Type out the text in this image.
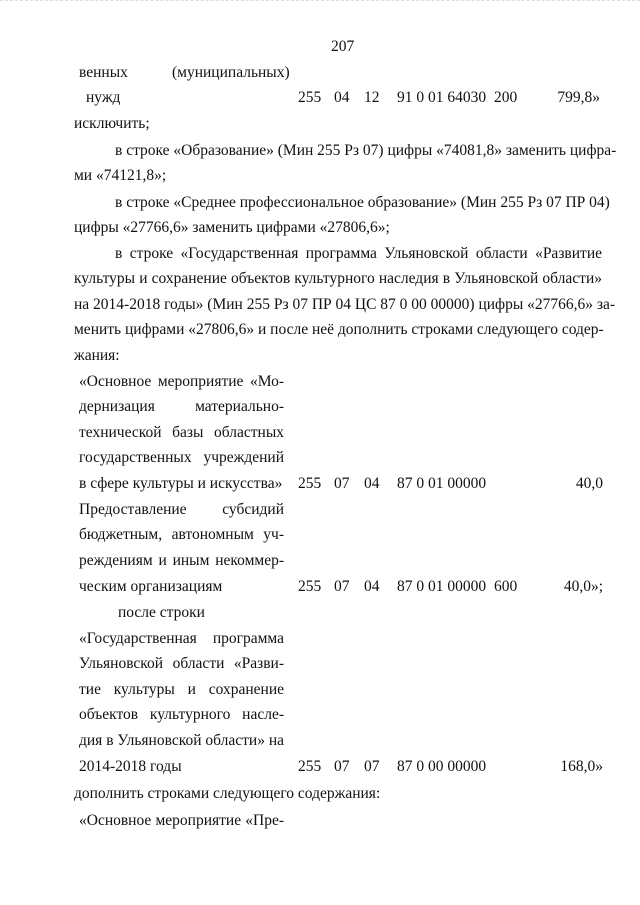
207
венных	(муниципальных)
нужд	255 04 12 91 0 01 64030 200	799,8»
исключить;
в строке «Образование» (Мин 255 Рз 07) цифры «74081,8» заменить цифра-
ми «74121,8»;
в строке «Среднее профессиональное образование» (Мин 255 Рз 07 ПР 04)
цифры «27766,6» заменить цифрами «27806,6»;
в строке «Государственная программа Ульяновской области «Развитие
культуры и сохранение объектов культурного наследия в Ульяновской области»
на 2014-2018 годы» (Мин 255 Рз 07 ПР 04 ЦС 87 0 00 00000) цифры «27766,6» за-
менить цифрами «27806,6» и после неё дополнить строками следующего содер-
жания:
«Основное мероприятие «Мо-
дернизация материально-
технической базы областных
государственных учреждений
в сфере культуры и искусства» 255 07 04 87 0 01 00000	40,0
Предоставление субсидий
бюджетным, автономным уч-
реждениям и иным некоммер-
ческим организациям	255 07 04 87 0 01 00000 600	40,0»;
после строки
«Государственная программа
Ульяновской области «Разви-
тие культуры и сохранение
объектов культурного насле-
дия в Ульяновской области» на
2014-2018 годы	255 07 07 87 0 00 00000	168,0»
дополнить строками следующего содержания:
«Основное мероприятие «Пре-
